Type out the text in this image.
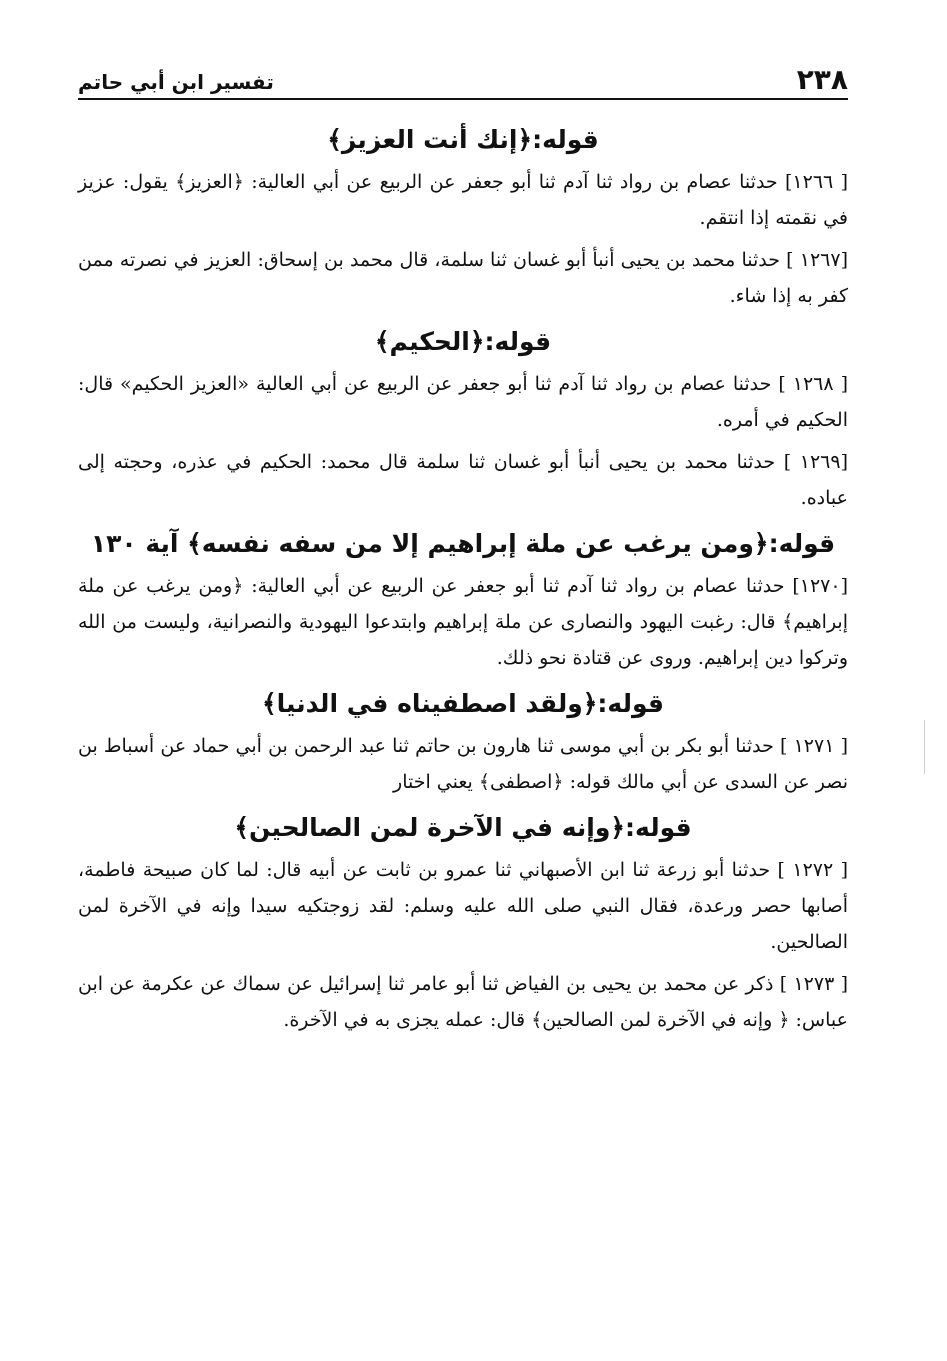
٢٣٨
تفسير ابن أبي حاتم
قوله:﴿إنك أنت العزيز﴾

[ ١٢٦٦] حدثنا عصام بن رواد ثنا آدم ثنا أبو جعفر عن الربيع عن أبي العالية: ﴿العزيز﴾ يقول: عزيز في نقمته إذا انتقم.

[١٢٦٧ ] حدثنا محمد بن يحيى أنبأ أبو غسان ثنا سلمة، قال محمد بن إسحاق: العزيز في نصرته ممن كفر به إذا شاء.

قوله:﴿الحكيم﴾

[ ١٢٦٨ ] حدثنا عصام بن رواد ثنا آدم ثنا أبو جعفر عن الربيع عن أبي العالية «العزيز الحكيم» قال: الحكيم في أمره.

[١٢٦٩ ] حدثنا محمد بن يحيى أنبأ أبو غسان ثنا سلمة قال محمد: الحكيم في عذره، وحجته إلى عباده.

قوله:﴿ومن يرغب عن ملة إبراهيم إلا من سفه نفسه﴾ آية ١٣٠

[١٢٧٠] حدثنا عصام بن رواد ثنا آدم ثنا أبو جعفر عن الربيع عن أبي العالية: ﴿ومن يرغب عن ملة إبراهيم﴾ قال: رغبت اليهود والنصارى عن ملة إبراهيم وابتدعوا اليهودية والنصرانية، وليست من الله وتركوا دين إبراهيم. وروى عن قتادة نحو ذلك.

قوله:﴿ولقد اصطفيناه في الدنيا﴾

[ ١٢٧١ ] حدثنا أبو بكر بن أبي موسى ثنا هارون بن حاتم ثنا عبد الرحمن بن أبي حماد عن أسباط بن نصر عن السدى عن أبي مالك قوله: ﴿اصطفى﴾ يعني اختار

قوله:﴿وإنه في الآخرة لمن الصالحين﴾

[ ١٢٧٢ ] حدثنا أبو زرعة ثنا ابن الأصبهاني ثنا عمرو بن ثابت عن أبيه قال: لما كان صبيحة فاطمة، أصابها حصر ورعدة، فقال النبي صلى الله عليه وسلم: لقد زوجتكيه سيدا وإنه في الآخرة لمن الصالحين.

[ ١٢٧٣ ] ذكر عن محمد بن يحيى بن الفياض ثنا أبو عامر ثنا إسرائيل عن سماك عن عكرمة عن ابن عباس: ﴿ وإنه في الآخرة لمن الصالحين﴾ قال: عمله يجزى به في الآخرة.
